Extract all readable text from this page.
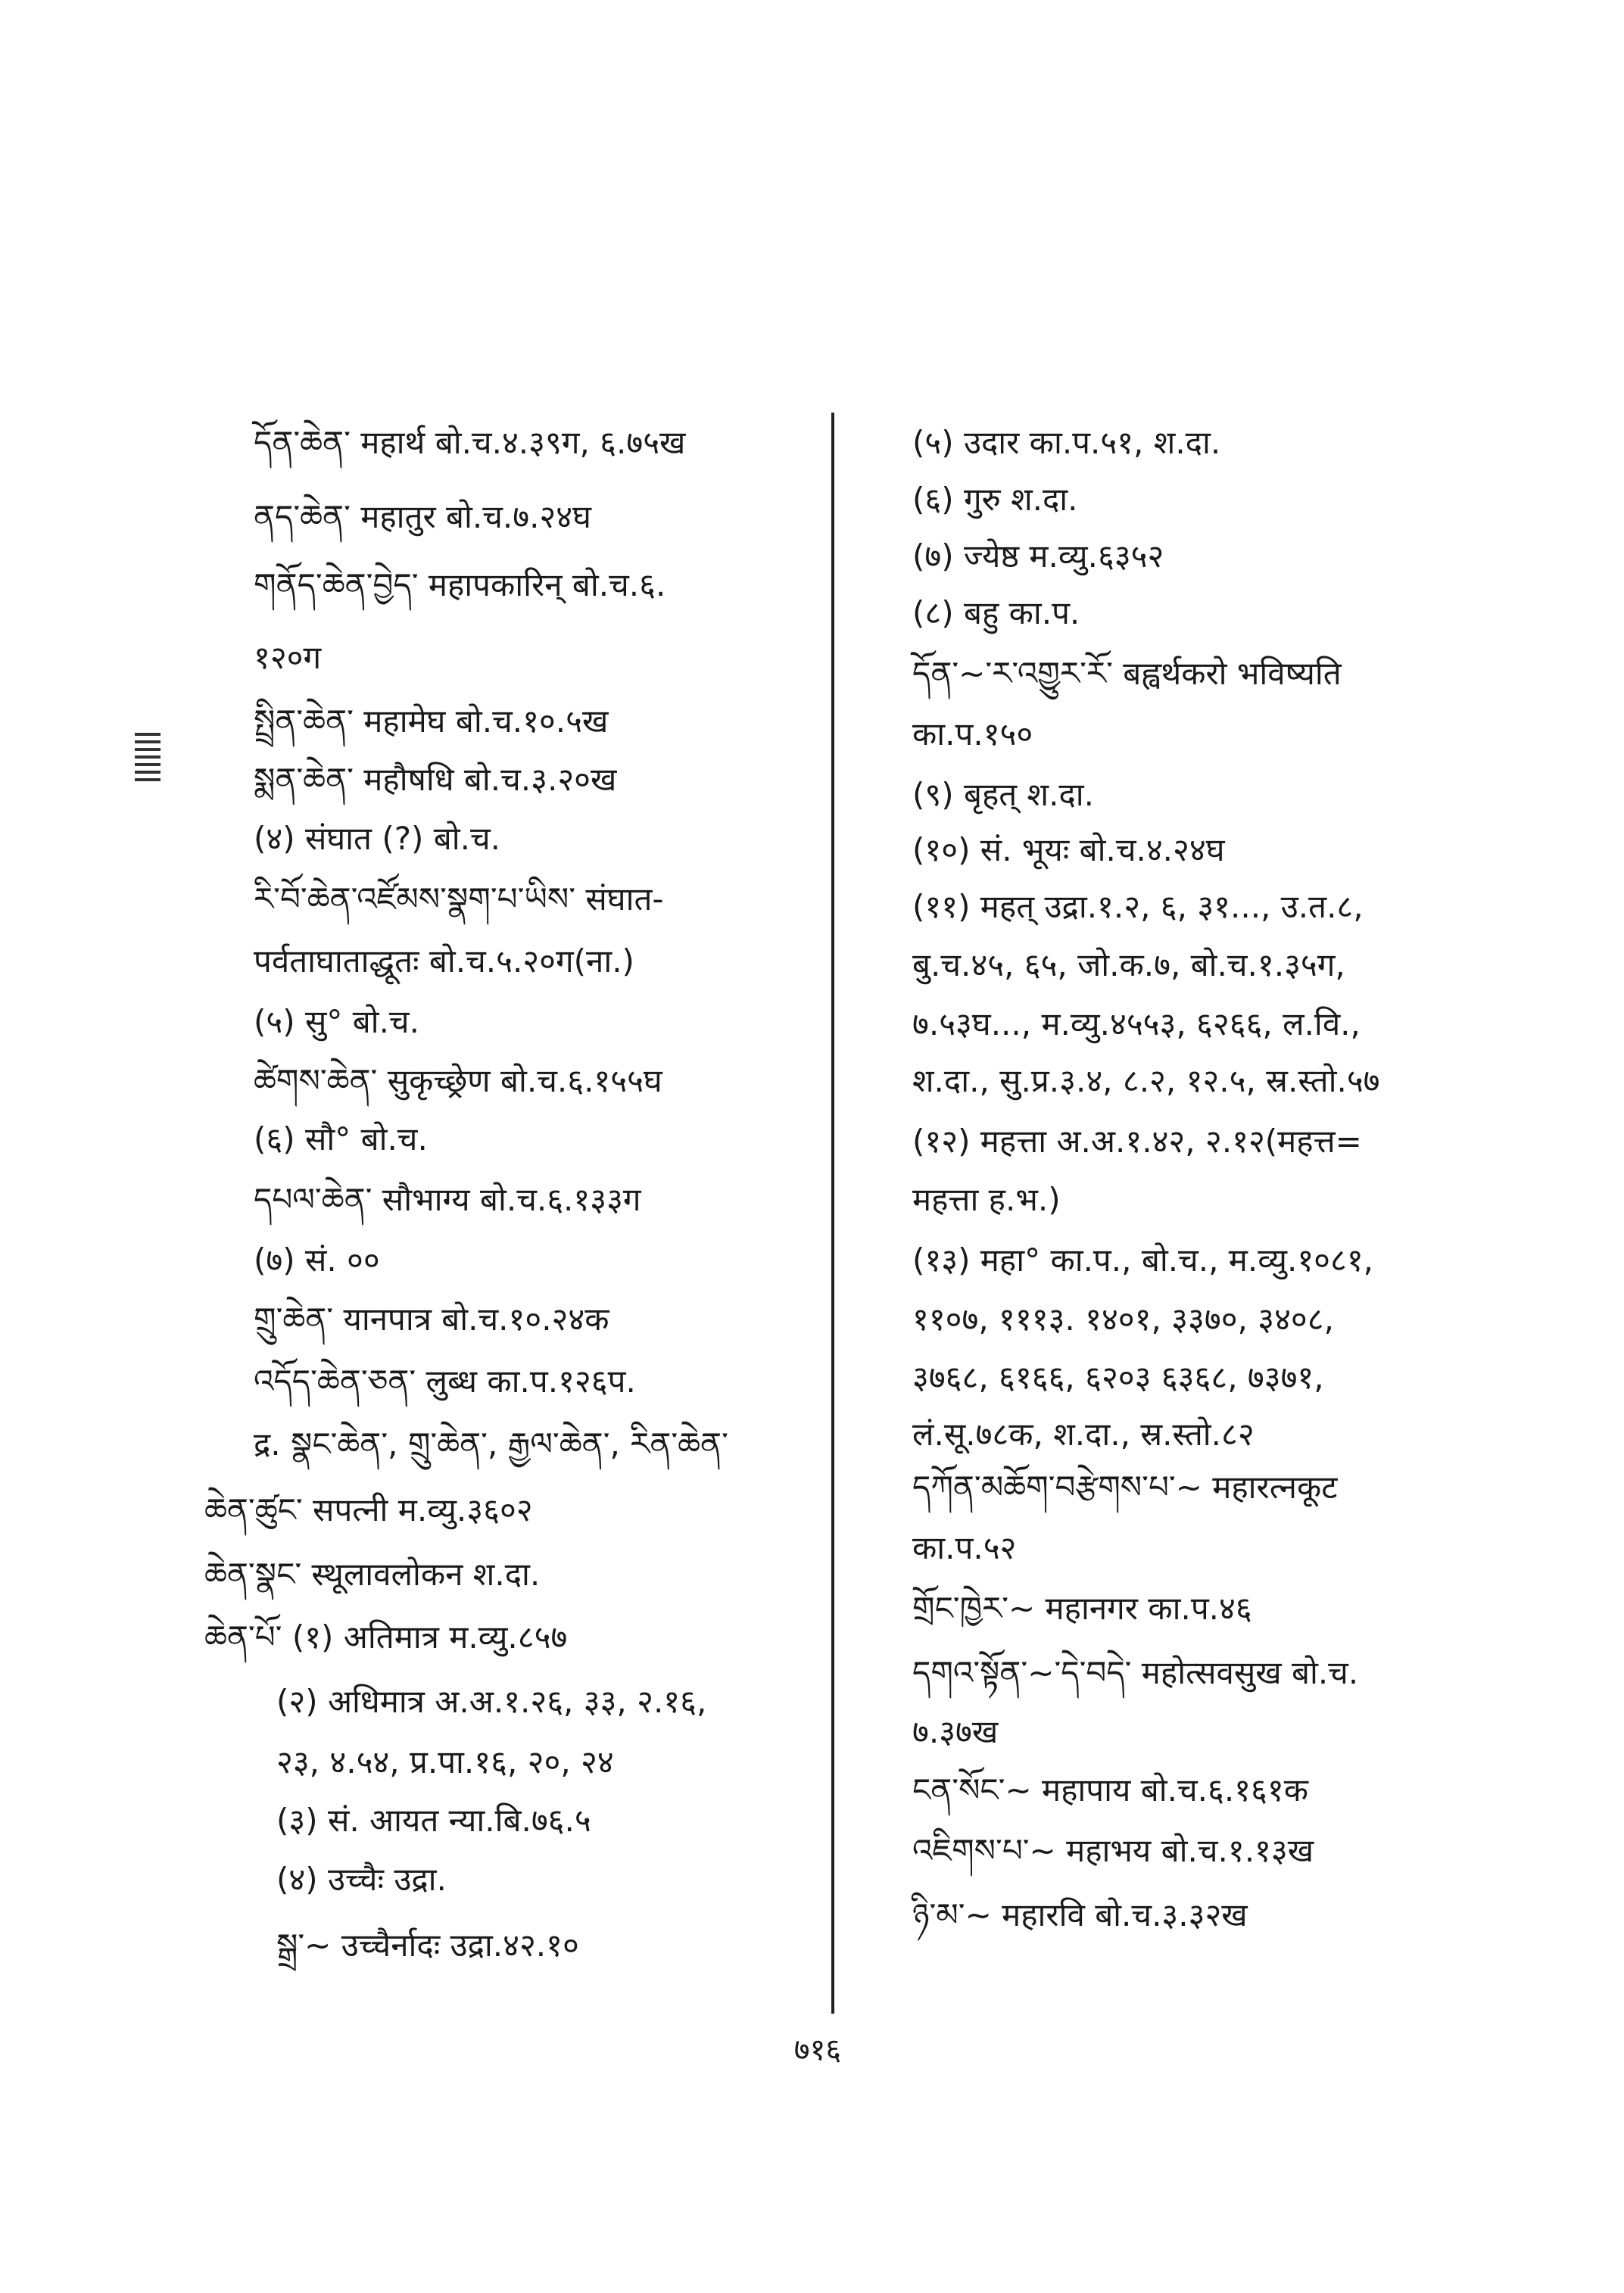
དོན་ཆེན་ महार्थ बो.च.४.३९ग, ६.७५ख
ནད་ཆེན་ महातुर बो.च.७.२४घ
གནོད་ཆེན་བྱེད་ महापकारिन् बो.च.६.
१२०ग
སྤྲིན་ཆེན་ महामेघ बो.च.१०.५ख
སྨན་ཆེན་ महौषधि बो.च.३.२०ख
(४) संघात (?) बो.च.
རི་བོ་ཆེན་འཛོམས་སྣག་པ་ཡིས་ संघात-
पर्वताघाताद्धूतः बो.च.५.२०ग(ना.)
(५) सु° बो.च.
ཚེགས་ཆེན་ सुकृच्छ्रेण बो.च.६.१५५घ
(६) सौ° बो.च.
དཔལ་ཆེན་ सौभाग्य बो.च.६.१३३ग
(७) सं. ००
གྲུ་ཆེན་ यानपात्र बो.च.१०.२४क
འདོད་ཆེན་ཅན་ लुब्ध का.प.१२६प.
द्र. སྣང་ཆེན་, གྲུ་ཆེན་, རྒྱལ་ཆེན་, རིན་ཆེན་
ཆེན་ཚུང་ सपत्नी म.व्यु.३६०२
ཆེན་སྣང་ स्थूलावलोकन श.दा.
ཆེན་པོ་ (१) अतिमात्र म.व्यु.८५७
(२) अधिमात्र अ.अ.१.२६, ३३, २.१६,
२३, ४.५४, प्र.पा.१६, २०, २४
(३) सं. आयत न्या.बि.७६.५
(४) उच्चैः उद्रा.
སྒྲ་~ उच्चैर्नादः उद्रा.४२.१०
(५) उदार का.प.५१, श.दा.
(६) गुरु श.दा.
(७) ज्येष्ठ म.व्यु.६३५२
(८) बहु का.प.
དོན་~་ར་འགྱུར་རོ་ बह्वर्थकरो भविष्यति
का.प.१५०
(९) बृहत् श.दा.
(१०) सं. भूयः बो.च.४.२४घ
(११) महत् उद्रा.१.२, ६, ३१..., उ.त.८,
बु.च.४५, ६५, जो.क.७, बो.च.१.३५ग,
७.५३घ..., म.व्यु.४५५३, ६२६६, ल.वि.,
श.दा., सु.प्र.३.४, ८.२, १२.५, स्र.स्तो.५७
(१२) महत्ता अ.अ.१.४२, २.१२(महत्त=
महत्ता ह.भ.)
(१३) महा° का.प., बो.च., म.व्यु.१०८१,
११०७, १११३. १४०१, ३३७०, ३४०८,
३७६८, ६१६६, ६२०३ ६३६८, ७३७१,
लं.सू.७८क, श.दा., स्र.स्तो.८२
དཀོན་མཆོག་བརྩེགས་པ་~ महारत्नकूट
का.प.५२
གྲོང་ཁྱེར་~ महानगर का.प.४६
དགའ་སྟོན་~་དེ་བདེ་ महोत्सवसुख बो.च.
७.३७ख
ངན་སོང་~ महापाय बो.च.६.१६१क
འཇིགས་པ་~ महाभय बो.च.१.१३ख
ཉི་མ་~ महारवि बो.च.३.३२ख
७१६
